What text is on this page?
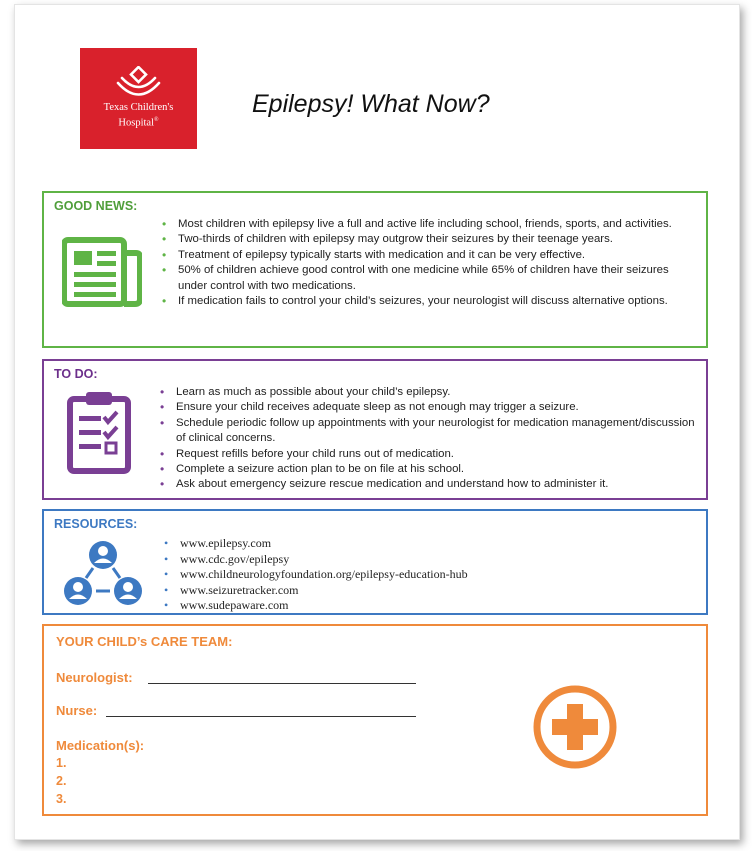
Texas Children's
Hospital®
Epilepsy! What Now?
GOOD NEWS:
• Most children with epilepsy live a full and active life including school, friends, sports, and activities.
• Two-thirds of children with epilepsy may outgrow their seizures by their teenage years.
• Treatment of epilepsy typically starts with medication and it can be very effective.
• 50% of children achieve good control with one medicine while 65% of children have their seizures under control with two medications.
• If medication fails to control your child’s seizures, your neurologist will discuss alternative options.
TO DO:
• Learn as much as possible about your child’s epilepsy.
• Ensure your child receives adequate sleep as not enough may trigger a seizure.
• Schedule periodic follow up appointments with your neurologist for medication management/discussion of clinical concerns.
• Request refills before your child runs out of medication.
• Complete a seizure action plan to be on file at his school.
• Ask about emergency seizure rescue medication and understand how to administer it.
RESOURCES:
• www.epilepsy.com
• www.cdc.gov/epilepsy
• www.childneurologyfoundation.org/epilepsy-education-hub
• www.seizuretracker.com
• www.sudepaware.com
YOUR CHILD’s CARE TEAM:
Neurologist:
Nurse:
Medication(s):
1.
2.
3.
